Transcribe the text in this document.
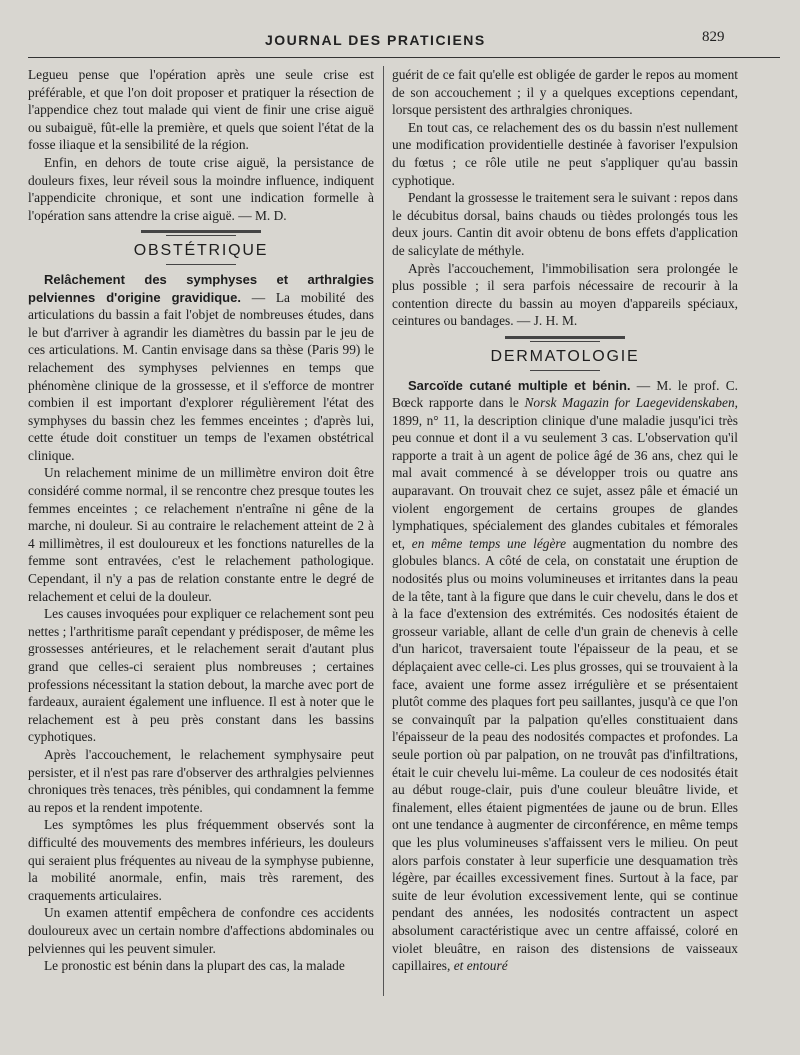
JOURNAL DES PRATICIENS	829

Legueu pense que l'opération après une seule crise est préférable, et que l'on doit proposer et pratiquer la résection de l'appendice chez tout malade qui vient de finir une crise aiguë ou subaiguë, fût-elle la première, et quels que soient l'état de la fosse iliaque et la sensibilité de la région.

Enfin, en dehors de toute crise aiguë, la persistance de douleurs fixes, leur réveil sous la moindre influence, indiquent l'appendicite chronique, et sont une indication formelle à l'opération sans attendre la crise aiguë. — M. D.

OBSTÉTRIQUE

Relâchement des symphyses et arthralgies pelviennes d'origine gravidique. — La mobilité des articulations du bassin a fait l'objet de nombreuses études, dans le but d'arriver à agrandir les diamètres du bassin par le jeu de ces articulations. M. Cantin envisage dans sa thèse (Paris 99) le relachement des symphyses pelviennes en temps que phénomène clinique de la grossesse, et il s'efforce de montrer combien il est important d'explorer régulièrement l'état des symphyses du bassin chez les femmes enceintes ; d'après lui, cette étude doit constituer un temps de l'examen obstétrical clinique.

Un relachement minime de un millimètre environ doit être considéré comme normal, il se rencontre chez presque toutes les femmes enceintes ; ce relachement n'entraîne ni gêne de la marche, ni douleur. Si au contraire le relachement atteint de 2 à 4 millimètres, il est douloureux et les fonctions naturelles de la femme sont entravées, c'est le relachement pathologique. Cependant, il n'y a pas de relation constante entre le degré de relachement et celui de la douleur.

Les causes invoquées pour expliquer ce relachement sont peu nettes ; l'arthritisme paraît cependant y prédisposer, de même les grossesses antérieures, et le relachement serait d'autant plus grand que celles-ci seraient plus nombreuses ; certaines professions nécessitant la station debout, la marche avec port de fardeaux, auraient également une influence. Il est à noter que le relachement est à peu près constant dans les bassins cyphotiques.

Après l'accouchement, le relachement symphysaire peut persister, et il n'est pas rare d'observer des arthralgies pelviennes chroniques très tenaces, très pénibles, qui condamnent la femme au repos et la rendent impotente.

Les symptômes les plus fréquemment observés sont la difficulté des mouvements des membres inférieurs, les douleurs qui seraient plus fréquentes au niveau de la symphyse pubienne, la mobilité anormale, enfin, mais très rarement, des craquements articulaires.

Un examen attentif empêchera de confondre ces accidents douloureux avec un certain nombre d'affections abdominales ou pelviennes qui les peuvent simuler.

Le pronostic est bénin dans la plupart des cas, la malade

guérit de ce fait qu'elle est obligée de garder le repos au moment de son accouchement ; il y a quelques exceptions cependant, lorsque persistent des arthralgies chroniques.

En tout cas, ce relachement des os du bassin n'est nullement une modification providentielle destinée à favoriser l'expulsion du fœtus ; ce rôle utile ne peut s'appliquer qu'au bassin cyphotique.

Pendant la grossesse le traitement sera le suivant : repos dans le décubitus dorsal, bains chauds ou tièdes prolongés tous les deux jours. Cantin dit avoir obtenu de bons effets d'application de salicylate de méthyle.

Après l'accouchement, l'immobilisation sera prolongée le plus possible ; il sera parfois nécessaire de recourir à la contention directe du bassin au moyen d'appareils spéciaux, ceintures ou bandages. — J. H. M.

DERMATOLOGIE

Sarcoïde cutané multiple et bénin. — M. le prof. C. Bœck rapporte dans le Norsk Magazin for Laegevidenskaben, 1899, n° 11, la description clinique d'une maladie jusqu'ici très peu connue et dont il a vu seulement 3 cas. L'observation qu'il rapporte a trait à un agent de police âgé de 36 ans, chez qui le mal avait commencé à se développer trois ou quatre ans auparavant. On trouvait chez ce sujet, assez pâle et émacié un violent engorgement de certains groupes de glandes lymphatiques, spécialement des glandes cubitales et fémorales et, en même temps une légère augmentation du nombre des globules blancs. A côté de cela, on constatait une éruption de nodosités plus ou moins volumineuses et irritantes dans la peau de la tête, tant à la figure que dans le cuir chevelu, dans le dos et à la face d'extension des extrémités. Ces nodosités étaient de grosseur variable, allant de celle d'un grain de chenevis à celle d'un haricot, traversaient toute l'épaisseur de la peau, et se déplaçaient avec celle-ci. Les plus grosses, qui se trouvaient à la face, avaient une forme assez irrégulière et se présentaient plutôt comme des plaques fort peu saillantes, jusqu'à ce que l'on se convainquît par la palpation qu'elles constituaient dans l'épaisseur de la peau des nodosités compactes et profondes. La seule portion où par palpation, on ne trouvât pas d'infiltrations, était le cuir chevelu lui-même. La couleur de ces nodosités était au début rouge-clair, puis d'une couleur bleuâtre livide, et finalement, elles étaient pigmentées de jaune ou de brun. Elles ont une tendance à augmenter de circonférence, en même temps que les plus volumineuses s'affaissent vers le milieu. On peut alors parfois constater à leur superficie une desquamation très légère, par écailles excessivement fines. Surtout à la face, par suite de leur évolution excessivement lente, qui se continue pendant des années, les nodosités contractent un aspect absolument caractéristique avec un centre affaissé, coloré en violet bleuâtre, en raison des distensions de vaisseaux capillaires, et entouré
